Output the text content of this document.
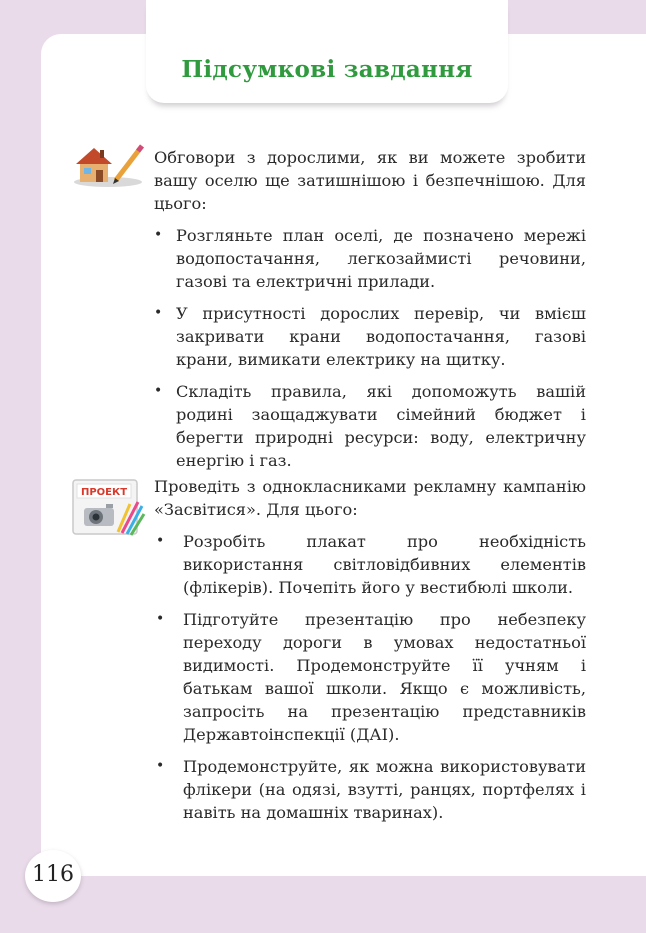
Підсумкові завдання

Обговори з дорослими, як ви можете зробити вашу оселю ще затишнішою і безпечнішою. Для цього:

• Розгляньте план оселі, де позначено мережі водопостачання, легкозаймисті речовини, газові та електричні прилади.
• У присутності дорослих перевір, чи вмієш закривати крани водопостачання, газові крани, вимикати електрику на щитку.
• Складіть правила, які допоможуть вашій родині заощаджувати сімейний бюджет і берегти природні ресурси: воду, електричну енергію і газ.
ПРОЕКТ Проведіть з однокласниками рекламну кампанію «Засвітися». Для цього:

• Розробіть плакат про необхідність використання світловідбивних елементів (флікерів). Почепіть його у вестибюлі школи.
• Підготуйте презентацію про небезпеку переходу дороги в умовах недостатньої видимості. Продемонструйте її учням і батькам вашої школи. Якщо є можливість, запросіть на презентацію представників Державтоінспекції (ДАІ).
• Продемонструйте, як можна використовувати флікери (на одязі, взутті, ранцях, портфелях і навіть на домашніх тваринах).
116
